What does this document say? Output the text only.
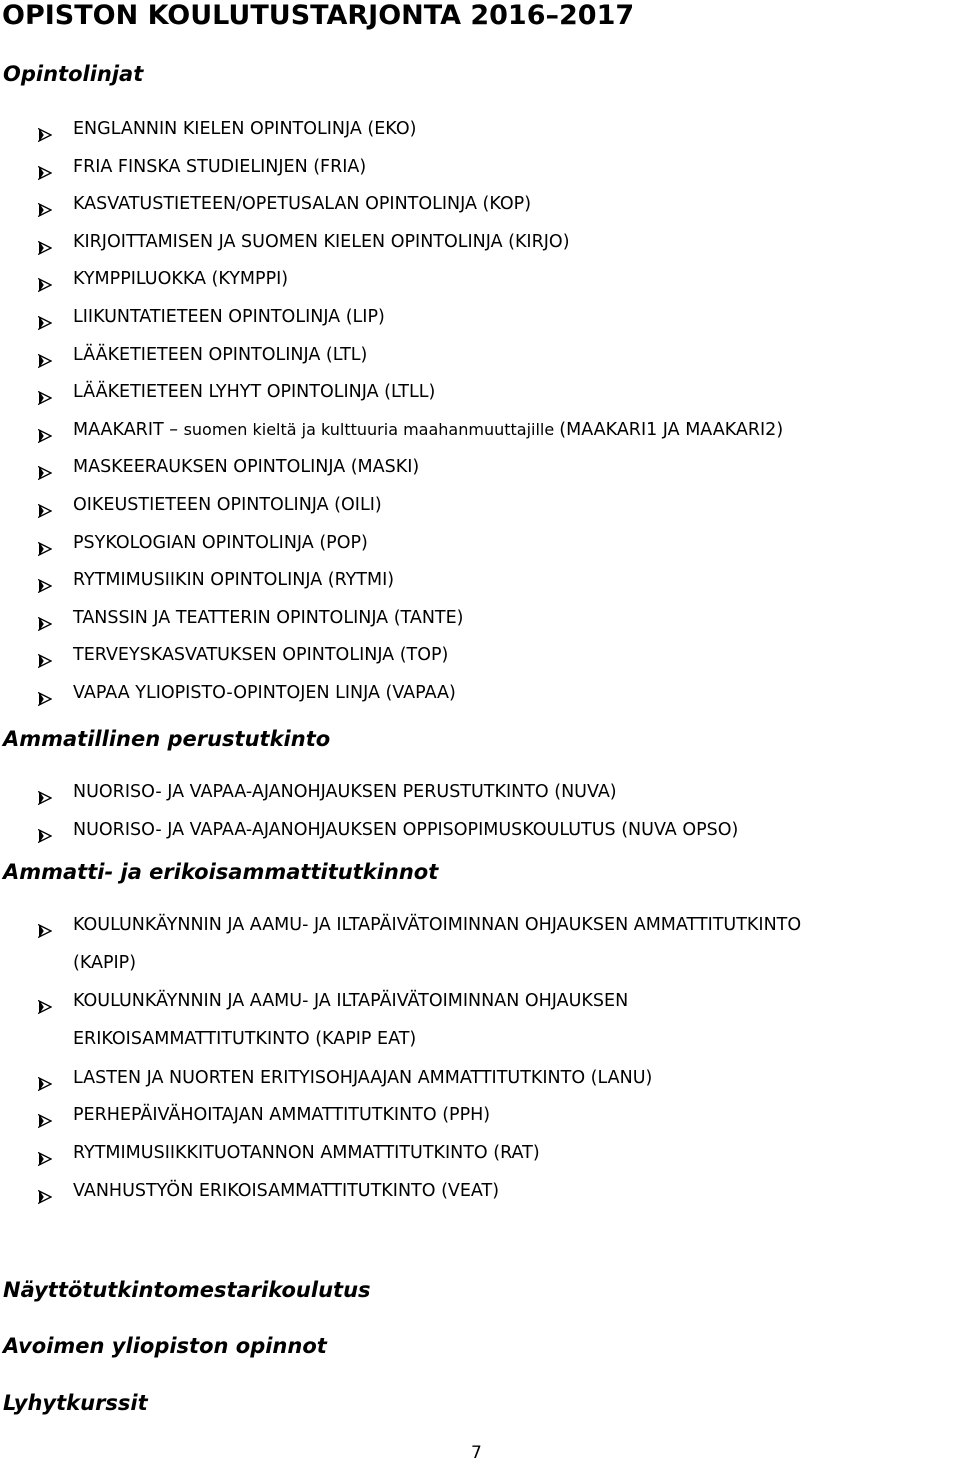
OPISTON KOULUTUSTARJONTA 2016–2017
Opintolinjat
ENGLANNIN KIELEN OPINTOLINJA (EKO)
FRIA FINSKA STUDIELINJEN (FRIA)
KASVATUSTIETEEN/OPETUSALAN OPINTOLINJA (KOP)
KIRJOITTAMISEN JA SUOMEN KIELEN OPINTOLINJA (KIRJO)
KYMPPILUOKKA (KYMPPI)
LIIKUNTATIETEEN OPINTOLINJA (LIP)
LÄÄKETIETEEN OPINTOLINJA (LTL)
LÄÄKETIETEEN LYHYT OPINTOLINJA (LTLL)
MAAKARIT – suomen kieltä ja kulttuuria maahanmuuttajille (MAAKARI1 JA MAAKARI2)
MASKEERAUKSEN OPINTOLINJA (MASKI)
OIKEUSTIETEEN OPINTOLINJA (OILI)
PSYKOLOGIAN OPINTOLINJA (POP)
RYTMIMUSIIKIN OPINTOLINJA (RYTMI)
TANSSIN JA TEATTERIN OPINTOLINJA (TANTE)
TERVEYSKASVATUKSEN OPINTOLINJA (TOP)
VAPAA YLIOPISTO-OPINTOJEN LINJA (VAPAA)
Ammatillinen perustutkinto
NUORISO- JA VAPAA-AJANOHJAUKSEN PERUSTUTKINTO (NUVA)
NUORISO- JA VAPAA-AJANOHJAUKSEN OPPISOPIMUSKOULUTUS (NUVA OPSO)
Ammatti- ja erikoisammattitutkinnot
KOULUNKÄYNNIN JA AAMU- JA ILTAPÄIVÄTOIMINNAN OHJAUKSEN AMMATTITUTKINTO
(KAPIP)
KOULUNKÄYNNIN JA AAMU- JA ILTAPÄIVÄTOIMINNAN OHJAUKSEN
ERIKOISAMMATTITUTKINTO (KAPIP EAT)
LASTEN JA NUORTEN ERITYISOHJAAJAN AMMATTITUTKINTO (LANU)
PERHEPÄIVÄHOITAJAN AMMATTITUTKINTO (PPH)
RYTMIMUSIIKKITUOTANNON AMMATTITUTKINTO (RAT)
VANHUSTYÖN ERIKOISAMMATTITUTKINTO (VEAT)
Näyttötutkintomestarikoulutus
Avoimen yliopiston opinnot
Lyhytkurssit
7
